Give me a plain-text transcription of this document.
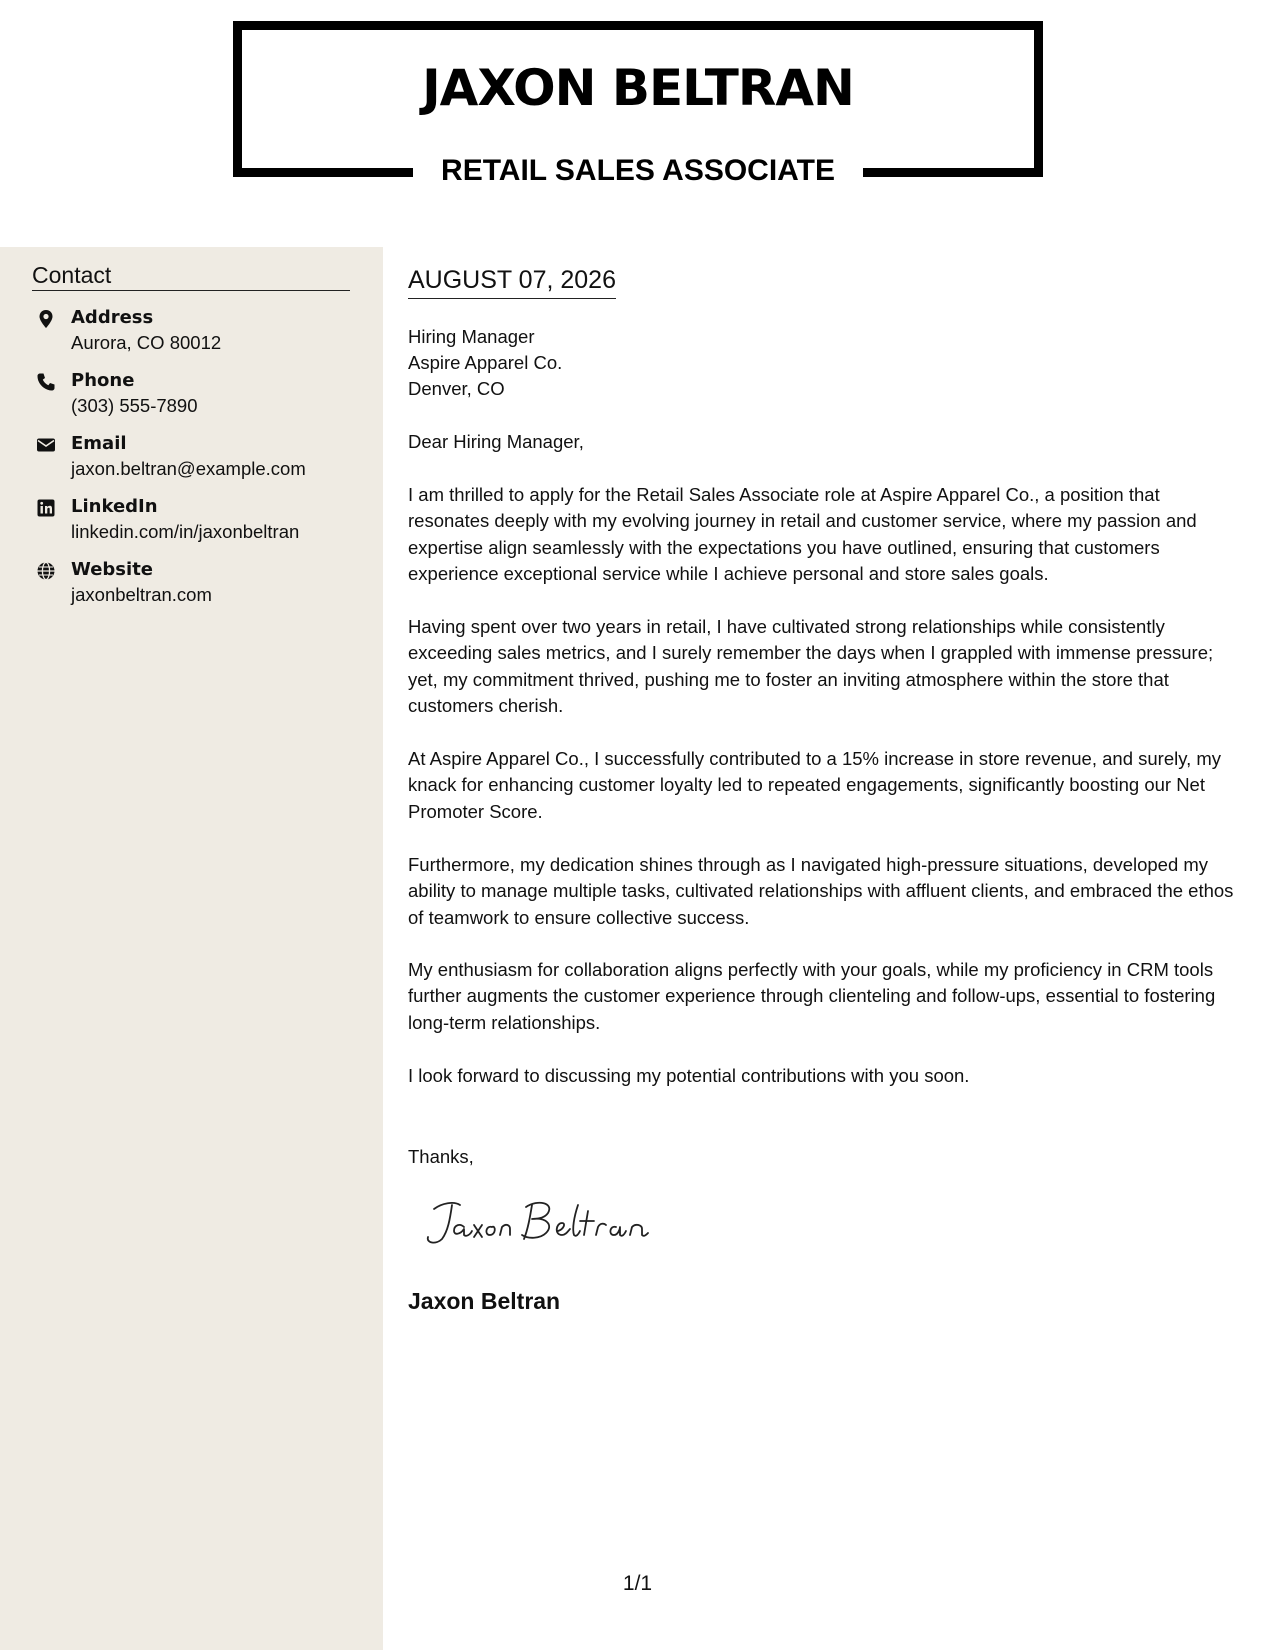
JAXON BELTRAN
RETAIL SALES ASSOCIATE
Contact
Address
Aurora, CO 80012
Phone
(303) 555-7890
Email
jaxon.beltran@example.com
LinkedIn
linkedin.com/in/jaxonbeltran
Website
jaxonbeltran.com
AUGUST 07, 2026
Hiring Manager
Aspire Apparel Co.
Denver, CO

Dear Hiring Manager,

I am thrilled to apply for the Retail Sales Associate role at Aspire Apparel Co., a position that resonates deeply with my evolving journey in retail and customer service, where my passion and expertise align seamlessly with the expectations you have outlined, ensuring that customers experience exceptional service while I achieve personal and store sales goals.

Having spent over two years in retail, I have cultivated strong relationships while consistently exceeding sales metrics, and I surely remember the days when I grappled with immense pressure; yet, my commitment thrived, pushing me to foster an inviting atmosphere within the store that customers cherish.

At Aspire Apparel Co., I successfully contributed to a 15% increase in store revenue, and surely, my knack for enhancing customer loyalty led to repeated engagements, significantly boosting our Net Promoter Score.

Furthermore, my dedication shines through as I navigated high-pressure situations, developed my ability to manage multiple tasks, cultivated relationships with affluent clients, and embraced the ethos of teamwork to ensure collective success.

My enthusiasm for collaboration aligns perfectly with your goals, while my proficiency in CRM tools further augments the customer experience through clienteling and follow-ups, essential to fostering long-term relationships.

I look forward to discussing my potential contributions with you soon.

Thanks,
Jaxon Beltran
1/1
